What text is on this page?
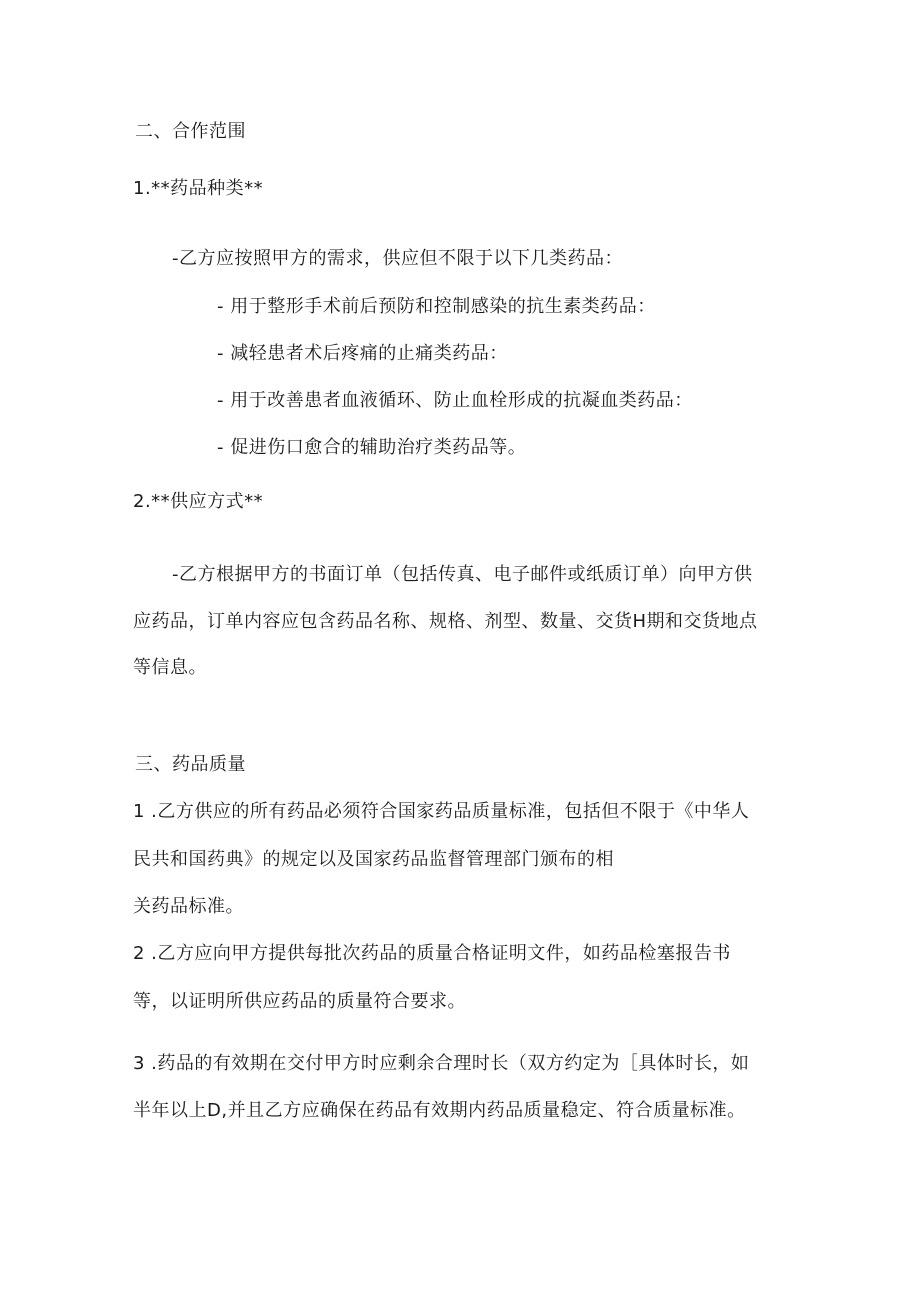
二、合作范围
1.**药品种类**
-乙方应按照甲方的需求，供应但不限于以下几类药品：
- 用于整形手术前后预防和控制感染的抗生素类药品：
- 减轻患者术后疼痛的止痛类药品：
- 用于改善患者血液循环、防止血栓形成的抗凝血类药品：
- 促进伤口愈合的辅助治疗类药品等。
2.**供应方式**
-乙方根据甲方的书面订单（包括传真、电子邮件或纸质订单）向甲方供
应药品，订单内容应包含药品名称、规格、剂型、数量、交货H期和交货地点
等信息。
三、药品质量
1 .乙方供应的所有药品必须符合国家药品质量标准，包括但不限于《中华人
民共和国药典》的规定以及国家药品监督管理部门颁布的相
关药品标准。
2 .乙方应向甲方提供每批次药品的质量合格证明文件，如药品检塞报告书
等，以证明所供应药品的质量符合要求。
3 .药品的有效期在交付甲方时应剩余合理时长（双方约定为［具体时长，如
半年以上D,并且乙方应确保在药品有效期内药品质量稳定、符合质量标准。
